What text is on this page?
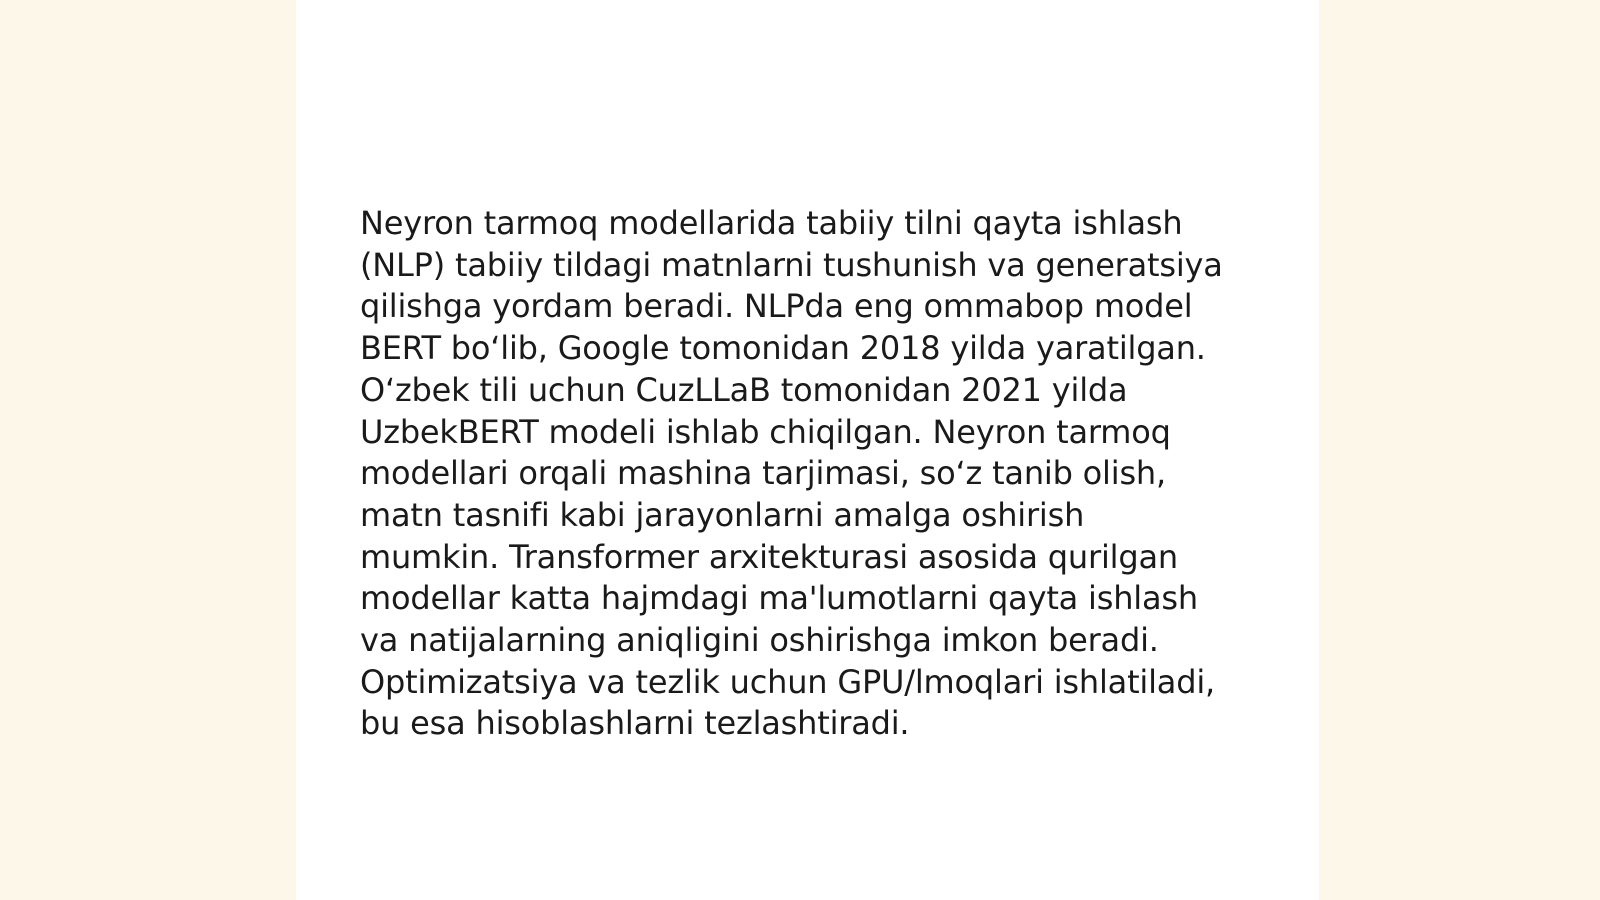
Neyron tarmoq modellarida tabiiy tilni qayta ishlash
(NLP) tabiiy tildagi matnlarni tushunish va generatsiya
qilishga yordam beradi. NLPda eng ommabop model
BERT bo‘lib, Google tomonidan 2018 yilda yaratilgan.
O‘zbek tili uchun CuzLLaB tomonidan 2021 yilda
UzbekBERT modeli ishlab chiqilgan. Neyron tarmoq
modellari orqali mashina tarjimasi, so‘z tanib olish,
matn tasnifi kabi jarayonlarni amalga oshirish
mumkin. Transformer arxitekturasi asosida qurilgan
modellar katta hajmdagi ma'lumotlarni qayta ishlash
va natijalarning aniqligini oshirishga imkon beradi.
Optimizatsiya va tezlik uchun GPU/lmoqlari ishlatiladi,
bu esa hisoblashlarni tezlashtiradi.
